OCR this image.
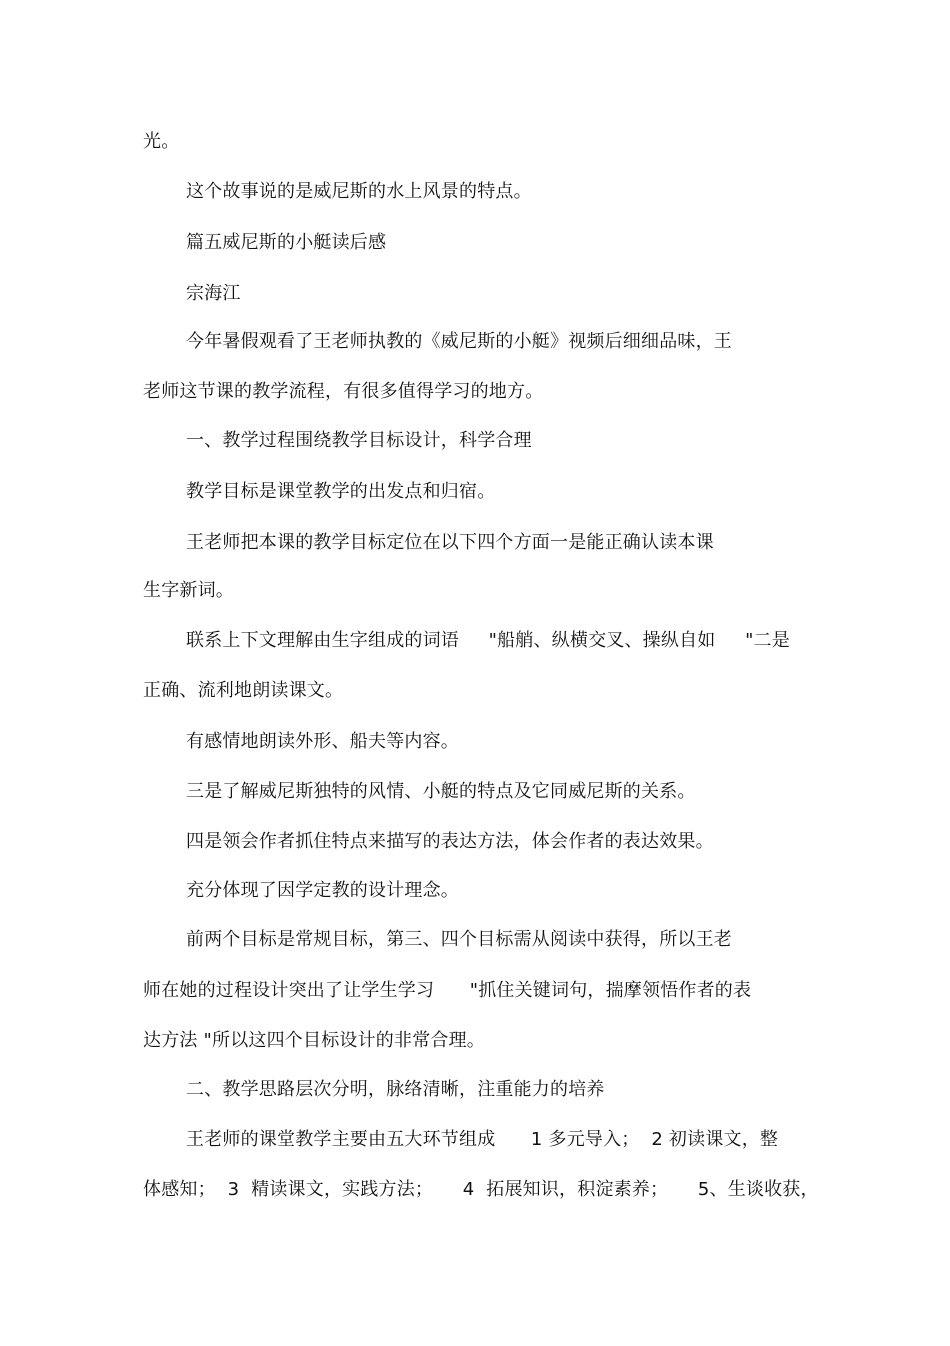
光。
这个故事说的是威尼斯的水上风景的特点。
篇五威尼斯的小艇读后感
宗海江
今年暑假观看了王老师执教的《威尼斯的小艇》视频后细细品味，王
老师这节课的教学流程，有很多值得学习的地方。
一、教学过程围绕教学目标设计，科学合理
教学目标是课堂教学的出发点和归宿。
王老师把本课的教学目标定位在以下四个方面一是能正确认读本课
生字新词。
联系上下文理解由生字组成的词语     "船艄、纵横交叉、操纵自如     "二是
正确、流利地朗读课文。
有感情地朗读外形、船夫等内容。
三是了解威尼斯独特的风情、小艇的特点及它同威尼斯的关系。
四是领会作者抓住特点来描写的表达方法，体会作者的表达效果。
充分体现了因学定教的设计理念。
前两个目标是常规目标，第三、四个目标需从阅读中获得，所以王老
师在她的过程设计突出了让学生学习      "抓住关键词句，揣摩领悟作者的表
达方法 "所以这四个目标设计的非常合理。
二、教学思路层次分明，脉络清晰，注重能力的培养
王老师的课堂教学主要由五大环节组成      1 多元导入；  2 初读课文，整
体感知；  3  精读课文，实践方法；     4  拓展知识，积淀素养；     5、生谈收获，
